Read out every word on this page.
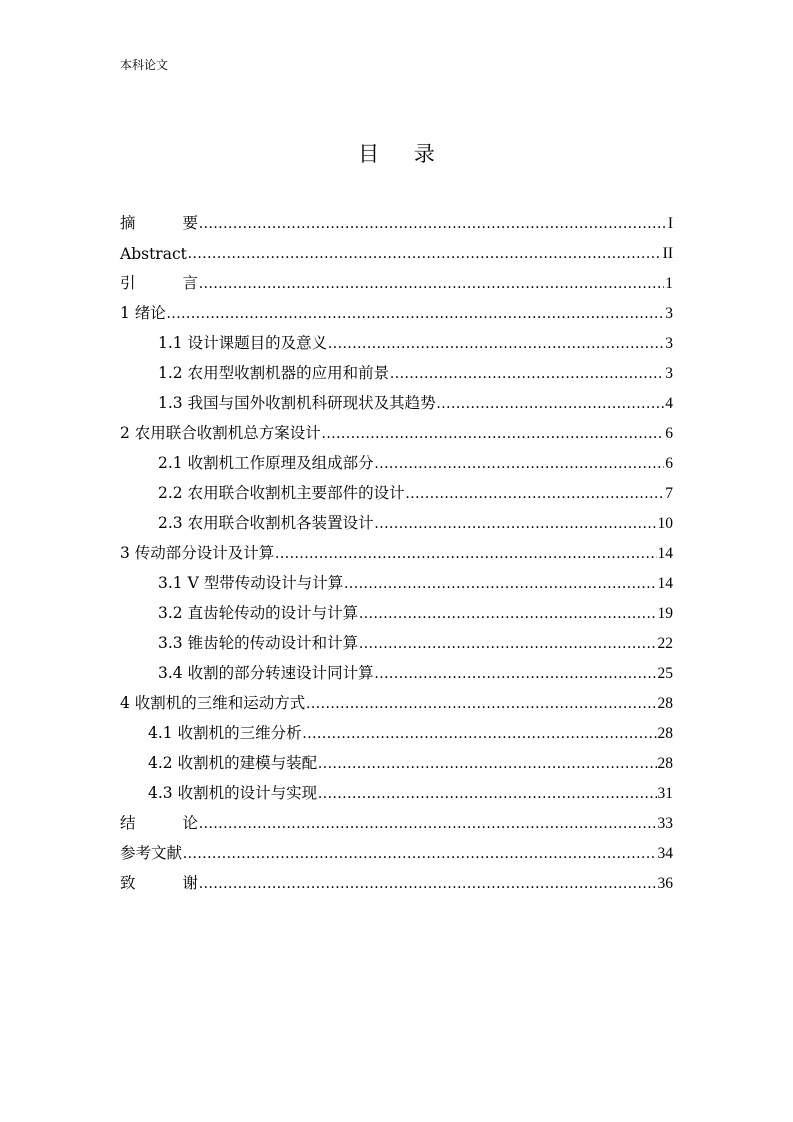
本科论文
目 录
摘	要 .....	I
Abstract .....	II
引	言 .....	1
1 绪论 .....	3
1.1 设计课题目的及意义 .....	3
1.2 农用型收割机器的应用和前景 .....	3
1.3 我国与国外收割机科研现状及其趋势 .....	4
2 农用联合收割机总方案设计 .....	6
2.1 收割机工作原理及组成部分 .....	6
2.2 农用联合收割机主要部件的设计 .....	7
2.3 农用联合收割机各装置设计 .....	10
3 传动部分设计及计算 .....	14
3.1 V 型带传动设计与计算 .....	14
3.2 直齿轮传动的设计与计算 .....	19
3.3 锥齿轮的传动设计和计算 .....	22
3.4 收割的部分转速设计同计算 .....	25
4 收割机的三维和运动方式 .....	28
4.1 收割机的三维分析 .....	28
4.2 收割机的建模与装配 .....	28
4.3 收割机的设计与实现 .....	31
结	论 .....	33
参考文献 .....	34
致	谢 .....	36
